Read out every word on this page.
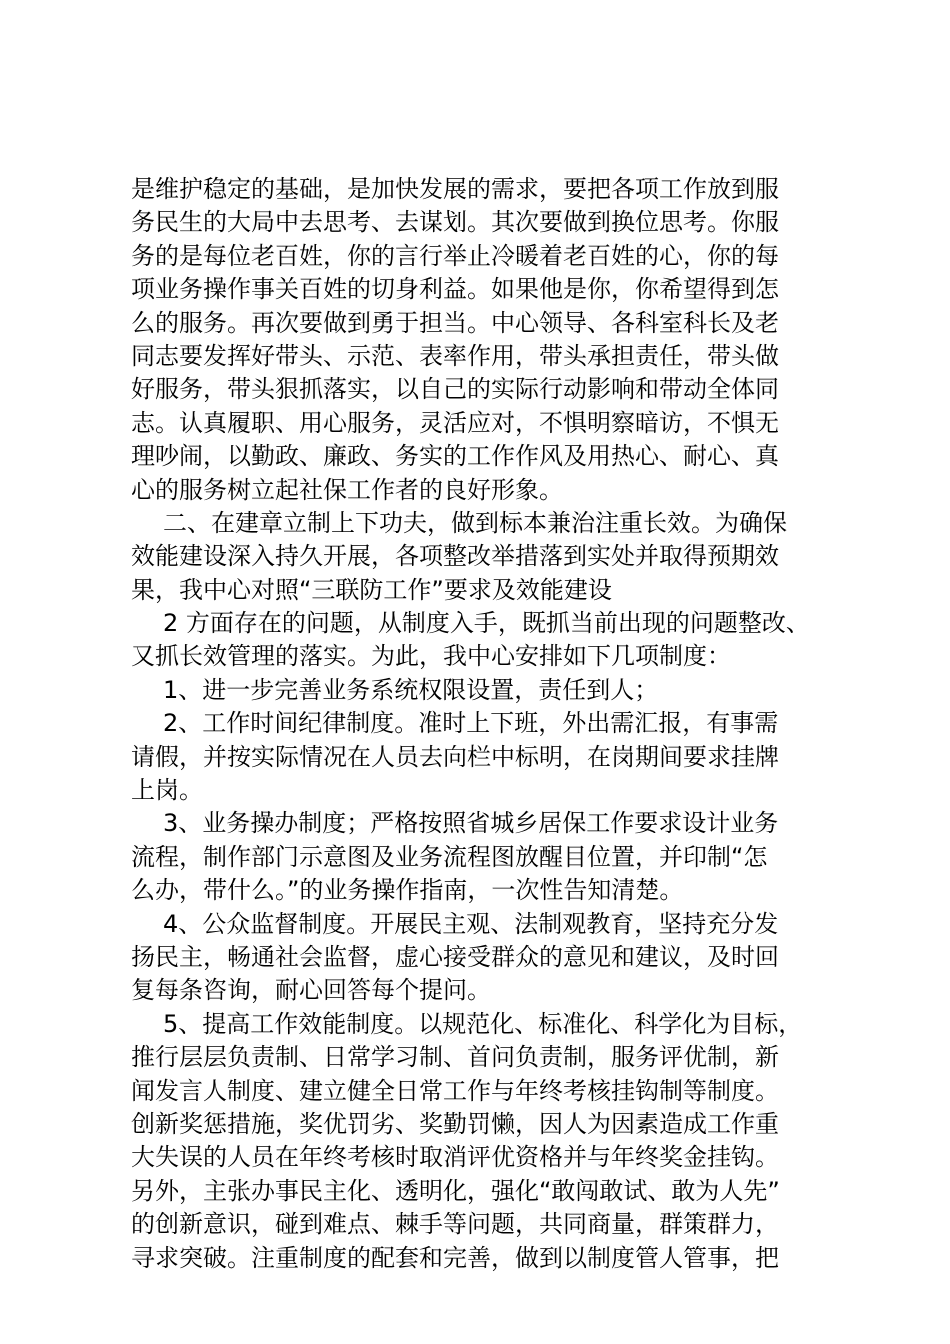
是维护稳定的基础，是加快发展的需求，要把各项工作放到服
务民生的大局中去思考、去谋划。其次要做到换位思考。你服
务的是每位老百姓，你的言行举止冷暖着老百姓的心，你的每
项业务操作事关百姓的切身利益。如果他是你，你希望得到怎
么的服务。再次要做到勇于担当。中心领导、各科室科长及老
同志要发挥好带头、示范、表率作用，带头承担责任，带头做
好服务，带头狠抓落实，以自己的实际行动影响和带动全体同
志。认真履职、用心服务，灵活应对，不惧明察暗访，不惧无
理吵闹，以勤政、廉政、务实的工作作风及用热心、耐心、真
心的服务树立起社保工作者的良好形象。
二、在建章立制上下功夫，做到标本兼治注重长效。为确保
效能建设深入持久开展，各项整改举措落到实处并取得预期效
果，我中心对照“三联防工作”要求及效能建设
2 方面存在的问题，从制度入手，既抓当前出现的问题整改、
又抓长效管理的落实。为此，我中心安排如下几项制度：
1、进一步完善业务系统权限设置，责任到人；
2、工作时间纪律制度。准时上下班，外出需汇报，有事需
请假，并按实际情况在人员去向栏中标明，在岗期间要求挂牌
上岗。
3、业务操办制度；严格按照省城乡居保工作要求设计业务
流程，制作部门示意图及业务流程图放醒目位置，并印制“怎
么办，带什么。”的业务操作指南，一次性告知清楚。
4、公众监督制度。开展民主观、法制观教育，坚持充分发
扬民主，畅通社会监督，虚心接受群众的意见和建议，及时回
复每条咨询，耐心回答每个提问。
5、提高工作效能制度。以规范化、标准化、科学化为目标，
推行层层负责制、日常学习制、首问负责制，服务评优制，新
闻发言人制度、建立健全日常工作与年终考核挂钩制等制度。
创新奖惩措施，奖优罚劣、奖勤罚懒，因人为因素造成工作重
大失误的人员在年终考核时取消评优资格并与年终奖金挂钩。
另外，主张办事民主化、透明化，强化“敢闯敢试、敢为人先”
的创新意识，碰到难点、棘手等问题，共同商量，群策群力，
寻求突破。注重制度的配套和完善，做到以制度管人管事，把
